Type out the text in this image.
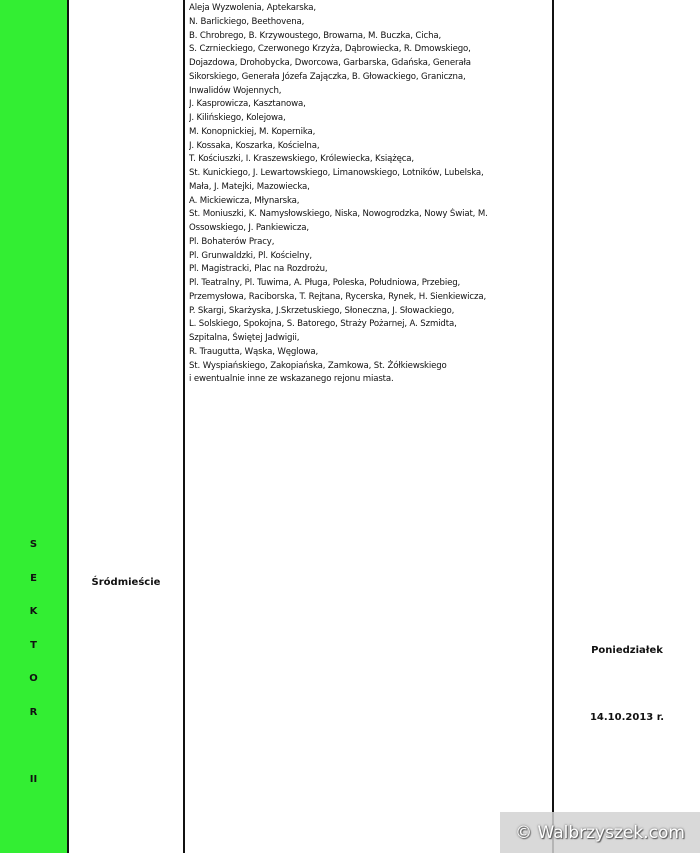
S
E
K
T
O
R
II
Śródmieście
Aleja Wyzwolenia, Aptekarska,
N. Barlickiego, Beethovena,
B. Chrobrego, B. Krzywoustego, Browarna, M. Buczka, Cicha,
S. Czrnieckiego, Czerwonego Krzyża, Dąbrowiecka, R. Dmowskiego,
Dojazdowa, Drohobycka, Dworcowa, Garbarska, Gdańska, Generała
Sikorskiego, Generała Józefa Zajączka, B. Głowackiego, Graniczna,
Inwalidów Wojennych,
J. Kasprowicza, Kasztanowa,
J. Kilińskiego, Kolejowa,
M. Konopnickiej, M. Kopernika,
J. Kossaka, Koszarka, Kościelna,
T. Kościuszki, I. Kraszewskiego, Królewiecka, Książęca,
St. Kunickiego, J. Lewartowskiego, Limanowskiego, Lotników, Lubelska,
Mała, J. Matejki, Mazowiecka,
A. Mickiewicza, Młynarska,
St. Moniuszki, K. Namysłowskiego, Niska, Nowogrodzka, Nowy Świat, M.
Ossowskiego, J. Pankiewicza,
Pl. Bohaterów Pracy,
Pl. Grunwaldzki, Pl. Kościelny,
Pl. Magistracki, Plac na Rozdrożu,
Pl. Teatralny, Pl. Tuwima, A. Pługa, Poleska, Południowa, Przebieg,
Przemysłowa, Raciborska, T. Rejtana, Rycerska, Rynek, H. Sienkiewicza,
P. Skargi, Skarżyska, J.Skrzetuskiego, Słoneczna, J. Słowackiego,
L. Solskiego, Spokojna, S. Batorego, Straży Pożarnej, A. Szmidta,
Szpitalna, Świętej Jadwigii,
R. Traugutta, Wąska, Węglowa,
St. Wyspiańskiego, Zakopiańska, Zamkowa, St. Żółkiewskiego
i ewentualnie inne ze wskazanego rejonu miasta.
Poniedziałek
14.10.2013 r.
© Walbrzyszek.com
